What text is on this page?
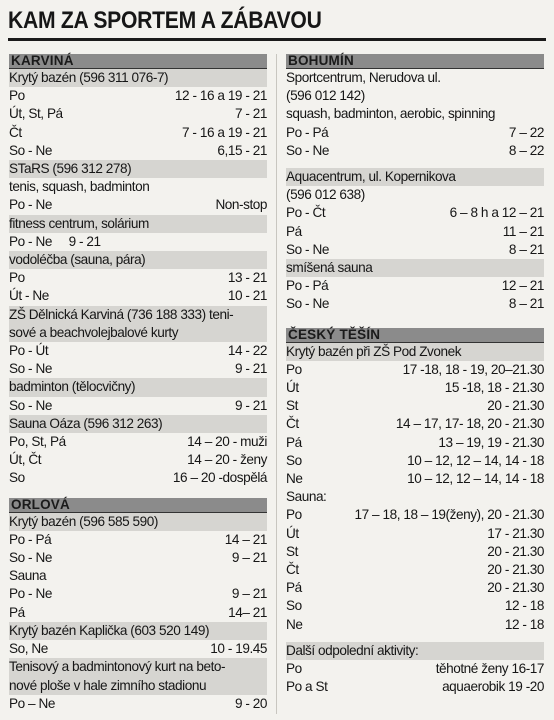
KAM ZA SPORTEM A ZÁBAVOU
KARVINÁ
Krytý bazén (596 311 076-7)
Po	12 - 16 a 19 - 21
Út, St, Pá	7 - 21
Čt	7 - 16 a 19 - 21
So - Ne	6,15 - 21
STaRS (596 312 278)
tenis, squash, badminton
Po - Ne	Non-stop
fitness centrum, solárium
Po - Ne     9 - 21
vodoléčba (sauna, pára)
Po	13 - 21
Út - Ne	10 - 21
ZŠ Dělnická Karviná (736 188 333) teni-
sové a beachvolejbalové kurty
Po - Út	14 - 22
So - Ne	9 - 21
badminton (tělocvičny)
So - Ne	9 - 21
Sauna Oáza (596 312 263)
Po, St, Pá	14 – 20 - muži
Út, Čt	14 – 20 - ženy
So	16 – 20 -dospělá
ORLOVÁ
Krytý bazén (596 585 590)
Po - Pá	14 – 21
So - Ne	9 – 21
Sauna
Po - Ne	9 – 21
Pá	14– 21
Krytý bazén Kaplička (603 520 149)
So, Ne	10 - 19.45
Tenisový a badmintonový kurt na beto-
nové ploše v hale zimního stadionu
Po – Ne	9 - 20
BOHUMÍN
Sportcentrum, Nerudova ul.
(596 012 142)
squash, badminton, aerobic, spinning
Po - Pá	7 – 22
So - Ne	8 – 22
Aquacentrum, ul. Kopernikova
(596 012 638)
Po - Čt	6 – 8 h a 12 – 21
Pá	11 – 21
So - Ne	8 – 21
smíšená sauna
Po - Pá	12 – 21
So - Ne	8 – 21
ČESKÝ TĚŠÍN
Krytý bazén při ZŠ Pod Zvonek
Po	17 -18, 18 - 19, 20–21.30
Út	15 -18, 18 - 21.30
St	20 - 21.30
Čt	14 – 17, 17- 18, 20 - 21.30
Pá	13 – 19, 19 - 21.30
So	10 – 12, 12 – 14, 14 - 18
Ne	10 – 12, 12 – 14, 14 - 18
Sauna:
Po	17 – 18, 18 – 19(ženy), 20 - 21.30
Út	17 - 21.30
St	20 - 21.30
Čt	20 - 21.30
Pá	20 - 21.30
So	12 - 18
Ne	12 - 18
Další odpolední aktivity:
Po	těhotné ženy 16-17
Po a St	aquaerobik 19 -20
